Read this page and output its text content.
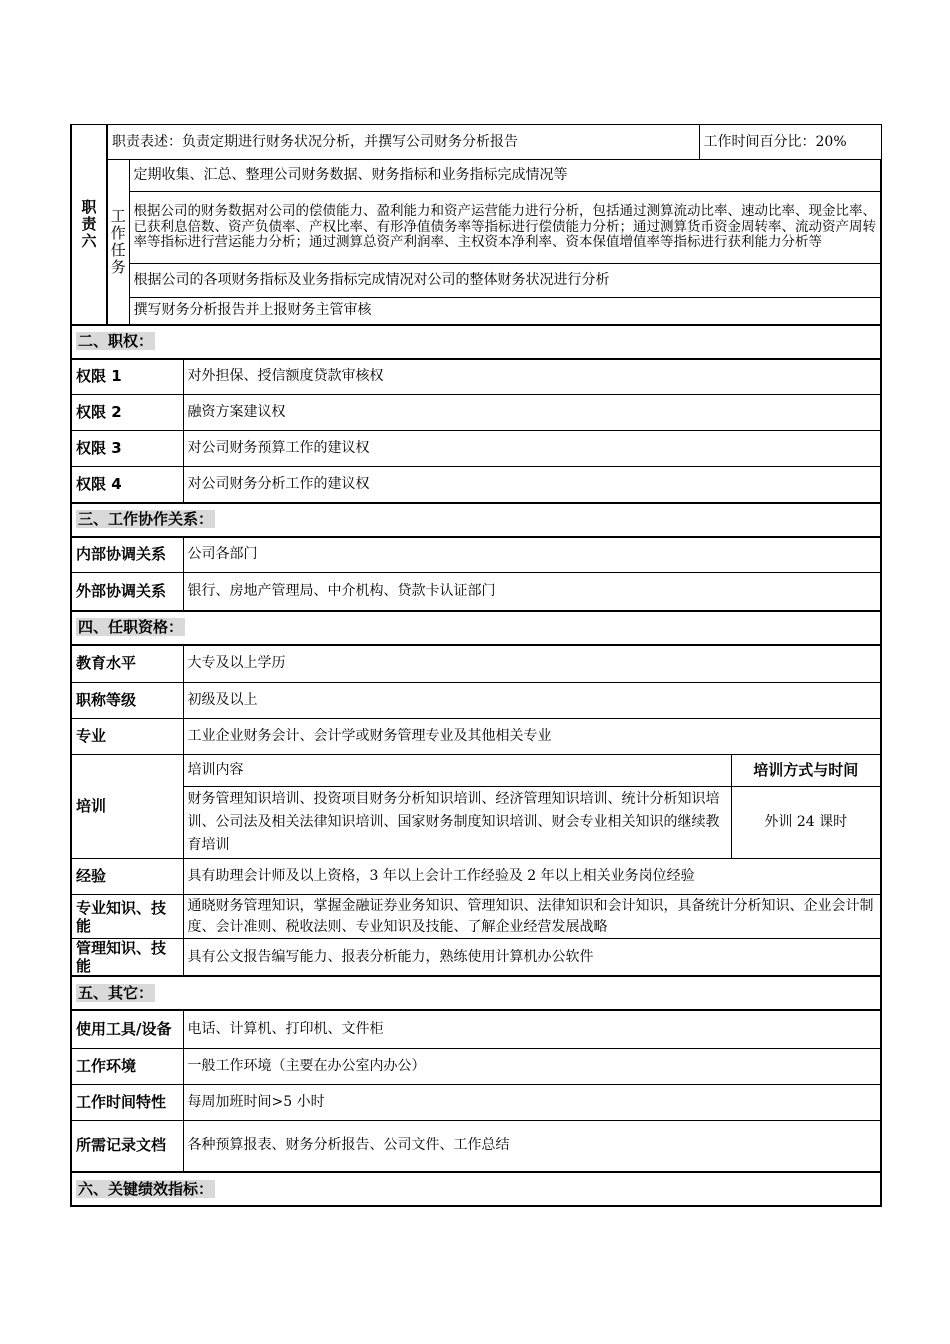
职
责
六	职责表述：负责定期进行财务状况分析，并撰写公司财务分析报告			工作时间百分比：20%	

	工
作
任
务	定期收集、汇总、整理公司财务数据、财务指标和业务指标完成情况等			
		根据公司的财务数据对公司的偿债能力、盈利能力和资产运营能力进行分析，包括通过测算流动比率、速动比率、现金比率、已获利息倍数、资产负债率、产权比率、有形净值债务率等指标进行偿债能力分析；通过测算货币资金周转率、流动资产周转率等指标进行营运能力分析；通过测算总资产利润率、主权资本净利率、资本保值增值率等指标进行获利能力分析等			
		根据公司的各项财务指标及业务指标完成情况对公司的整体财务状况进行分析			
		撰写财务分析报告并上报财务主管审核			
二、职权：					
权限 1			对外担保、授信额度贷款审核权		
权限 2			融资方案建议权		
权限 3			对公司财务预算工作的建议权		
权限 4			对公司财务分析工作的建议权		
三、工作协作关系：					
内部协调关系			公司各部门		
外部协调关系			银行、房地产管理局、中介机构、贷款卡认证部门		
四、任职资格：					
教育水平			大专及以上学历		
职称等级			初级及以上		
专业			工业企业财务会计、会计学或财务管理专业及其他相关专业		
培训			培训内容		培训方式与时间
			财务管理知识培训、投资项目财务分析知识培训、经济管理知识培训、统计分析知识培训、公司法及相关法律知识培训、国家财务制度知识培训、财会专业相关知识的继续教育培训		外训 24 课时
经验			具有助理会计师及以上资格，3 年以上会计工作经验及 2 年以上相关业务岗位经验		
专业知识、技能			通晓财务管理知识，掌握金融证券业务知识、管理知识、法律知识和会计知识，具备统计分析知识、企业会计制度、会计准则、税收法则、专业知识及技能、了解企业经营发展战略		
管理知识、技能			具有公文报告编写能力、报表分析能力，熟练使用计算机办公软件		
五、其它：					
使用工具/设备			电话、计算机、打印机、文件柜		
工作环境			一般工作环境（主要在办公室内办公）		
工作时间特性			每周加班时间>5 小时		
所需记录文档			各种预算报表、财务分析报告、公司文件、工作总结		
六、关键绩效指标：					
